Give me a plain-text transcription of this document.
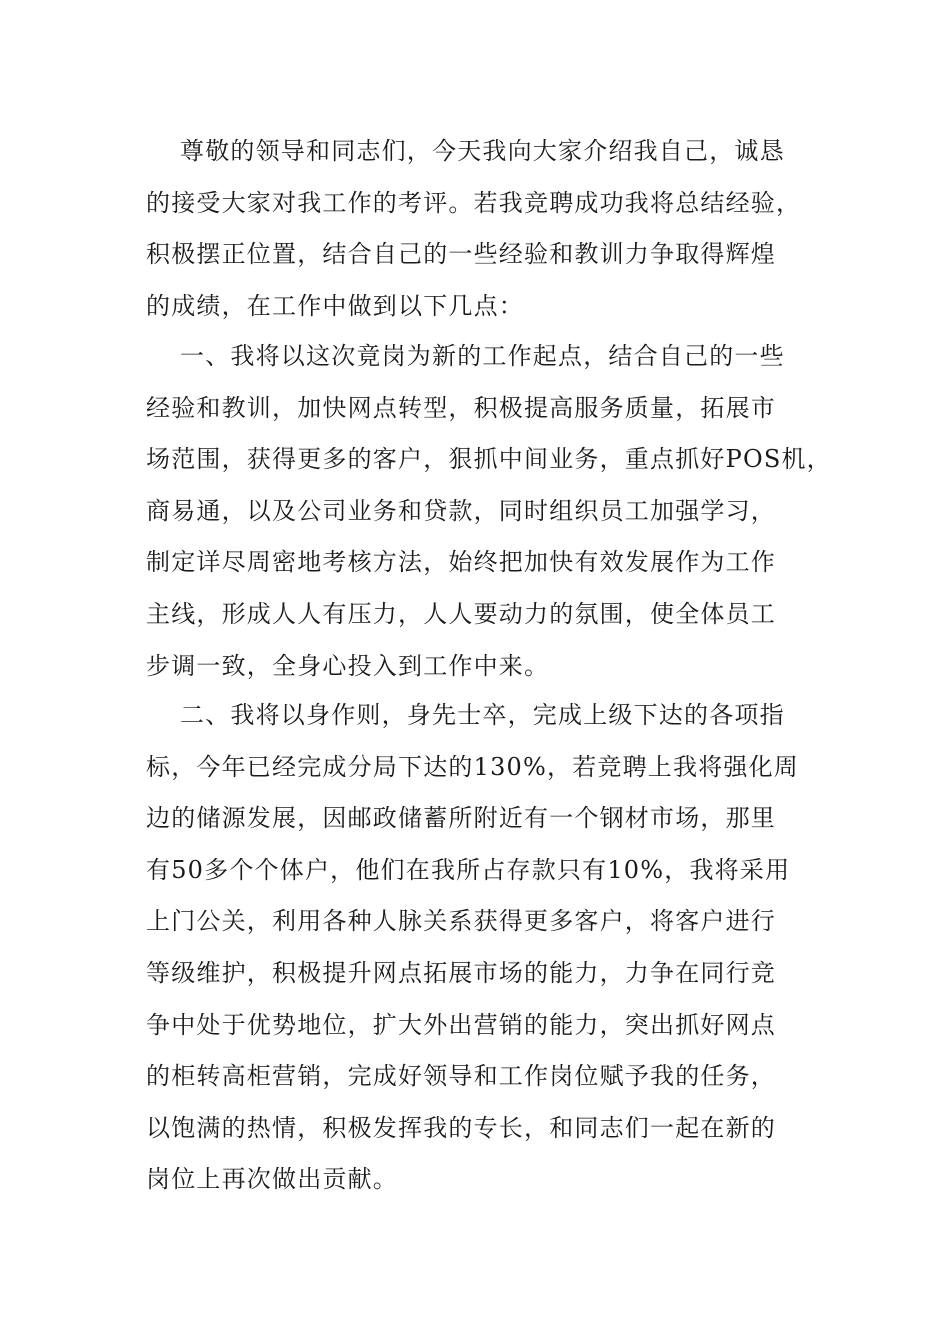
尊敬的领导和同志们，今天我向大家介绍我自己，诚恳
的接受大家对我工作的考评。若我竞聘成功我将总结经验，
积极摆正位置，结合自己的一些经验和教训力争取得辉煌
的成绩，在工作中做到以下几点：
一、我将以这次竟岗为新的工作起点，结合自己的一些
经验和教训，加快网点转型，积极提高服务质量，拓展市
场范围，获得更多的客户，狠抓中间业务，重点抓好POS机，
商易通，以及公司业务和贷款，同时组织员工加强学习，
制定详尽周密地考核方法，始终把加快有效发展作为工作
主线，形成人人有压力，人人要动力的氛围，使全体员工
步调一致，全身心投入到工作中来。
二、我将以身作则，身先士卒，完成上级下达的各项指
标，今年已经完成分局下达的130%，若竞聘上我将强化周
边的储源发展，因邮政储蓄所附近有一个钢材市场，那里
有50多个个体户，他们在我所占存款只有10%，我将采用
上门公关，利用各种人脉关系获得更多客户，将客户进行
等级维护，积极提升网点拓展市场的能力，力争在同行竞
争中处于优势地位，扩大外出营销的能力，突出抓好网点
的柜转高柜营销，完成好领导和工作岗位赋予我的任务，
以饱满的热情，积极发挥我的专长，和同志们一起在新的
岗位上再次做出贡献。
